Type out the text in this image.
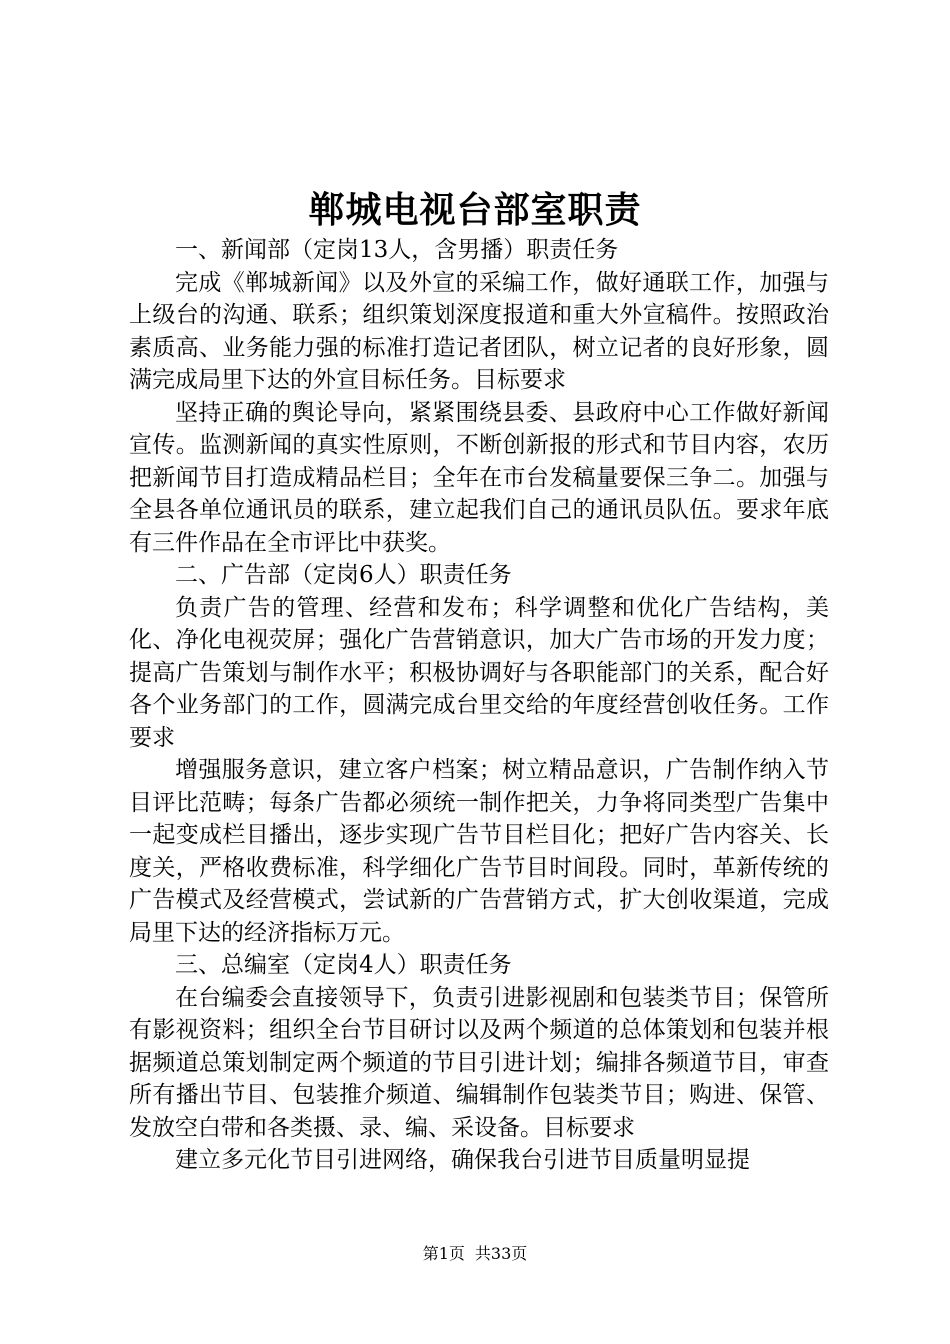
郸城电视台部室职责

一、新闻部（定岗13人，含男播）职责任务

完成《郸城新闻》以及外宣的采编工作，做好通联工作，加强与上级台的沟通、联系；组织策划深度报道和重大外宣稿件。按照政治素质高、业务能力强的标准打造记者团队，树立记者的良好形象，圆满完成局里下达的外宣目标任务。目标要求

坚持正确的舆论导向，紧紧围绕县委、县政府中心工作做好新闻宣传。监测新闻的真实性原则，不断创新报的形式和节目内容，农历把新闻节目打造成精品栏目；全年在市台发稿量要保三争二。加强与全县各单位通讯员的联系，建立起我们自己的通讯员队伍。要求年底有三件作品在全市评比中获奖。

二、广告部（定岗6人）职责任务

负责广告的管理、经营和发布；科学调整和优化广告结构，美化、净化电视荧屏；强化广告营销意识，加大广告市场的开发力度；提高广告策划与制作水平；积极协调好与各职能部门的关系，配合好各个业务部门的工作，圆满完成台里交给的年度经营创收任务。工作要求

增强服务意识，建立客户档案；树立精品意识，广告制作纳入节目评比范畴；每条广告都必须统一制作把关，力争将同类型广告集中一起变成栏目播出，逐步实现广告节目栏目化；把好广告内容关、长度关，严格收费标准，科学细化广告节目时间段。同时，革新传统的广告模式及经营模式，尝试新的广告营销方式，扩大创收渠道，完成局里下达的经济指标万元。

三、总编室（定岗4人）职责任务

在台编委会直接领导下，负责引进影视剧和包装类节目；保管所有影视资料；组织全台节目研讨以及两个频道的总体策划和包装并根据频道总策划制定两个频道的节目引进计划；编排各频道节目，审查所有播出节目、包装推介频道、编辑制作包装类节目；购进、保管、发放空白带和各类摄、录、编、采设备。目标要求

建立多元化节目引进网络，确保我台引进节目质量明显提

第1页 共33页
